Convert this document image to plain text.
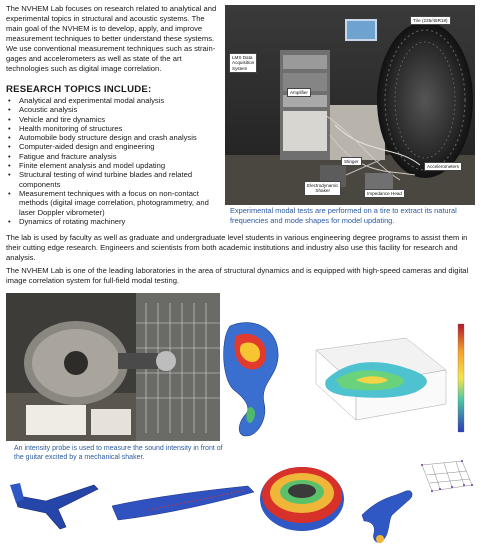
The NVHEM Lab focuses on research related to analytical and experimental topics in structural and acoustic systems. The main goal of the NVHEM is to develop, apply, and improve measurement techniques to better understand these systems. We use conventional measurement techniques such as strain-gages and accelerometers as well as state of the art technologies such as digital image correlation.
RESEARCH TOPICS INCLUDE:
• Analytical and experimental modal analysis
• Acoustic analysis
• Vehicle and tire dynamics
• Health monitoring of structures
• Automobile body structure design and crash analysis
• Computer-aided design and engineering
• Fatigue and fracture analysis
• Finite element analysis and model updating
• Structural testing of wind turbine blades and related components
• Measurement techniques with a focus on non-contact methods (digital image correlation, photogrammetry, and laser Doppler vibrometer)
• Dynamics of rotating machinery
Tire (225/45R18)
LMS Data
Acquisition
System
Amplifier
Stinger
Accelerometers
Electrodynamic
Shaker
Impedance Head
Experimental modal tests are performed on a tire to extract its natural frequencies and mode shapes for model updating.
The lab is used by faculty as well as graduate and undergraduate level students in various engineering degree programs to assist them in their cutting edge research. Engineers and scientists from both academic institutions and industry also use this facility for research and analysis.
The NVHEM Lab is one of the leading laboratories in the area of structural dynamics and is equipped with high-speed cameras and digital image correlation system for full-field modal testing.
An intensity probe is used to measure the sound intensity in front of the guitar excited by a mechanical shaker.
